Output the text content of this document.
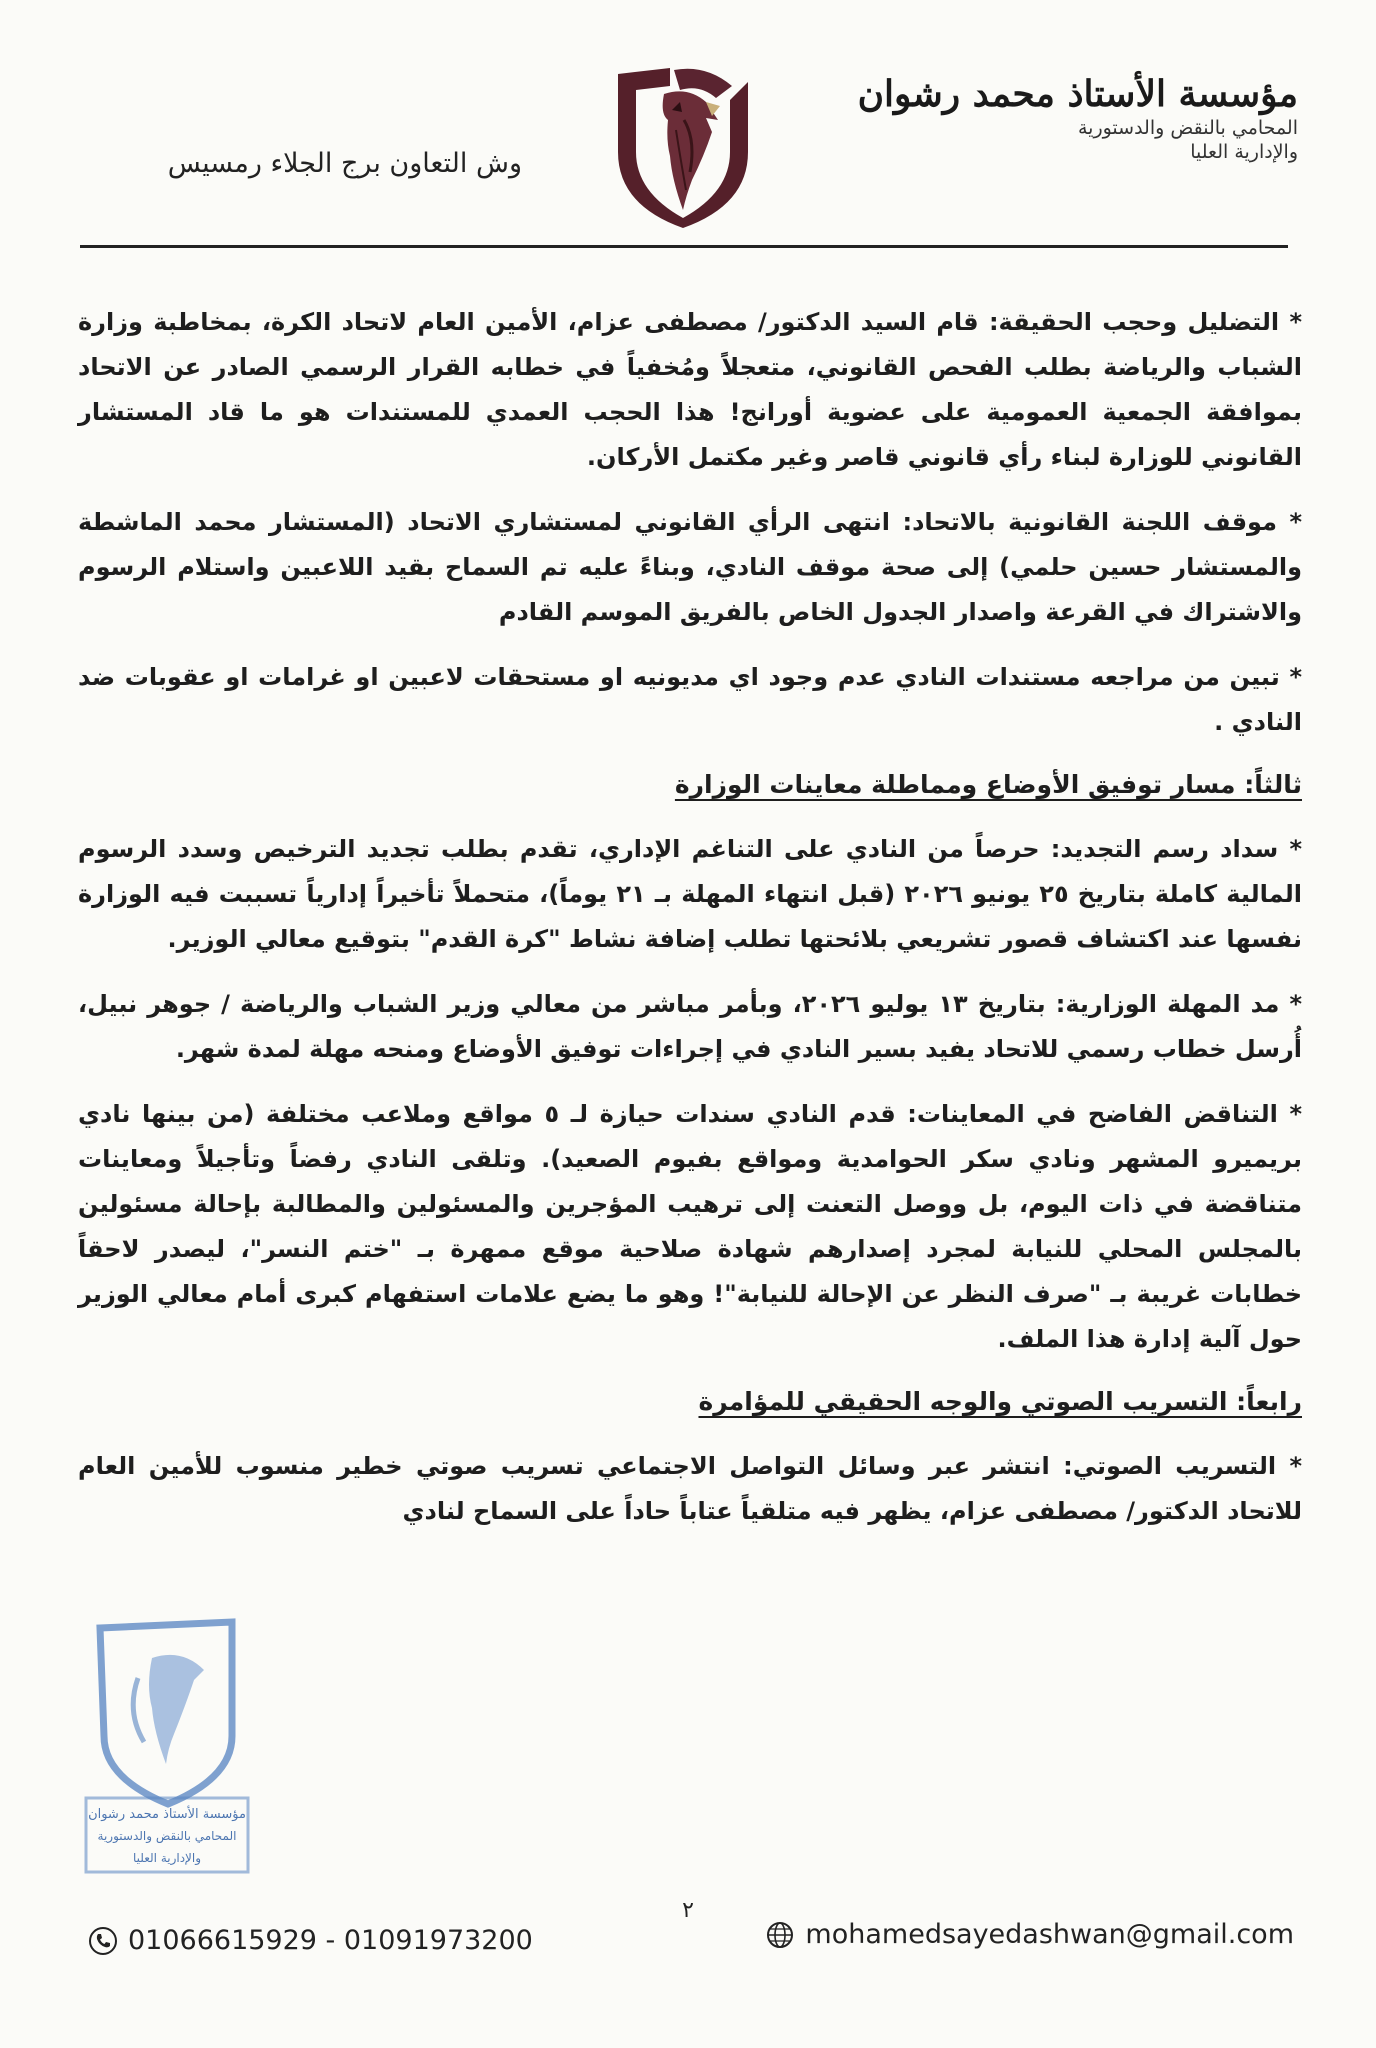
مؤسسة الأستاذ محمد رشوان
المحامي بالنقض والدستورية
والإدارية العليا
وش التعاون برج الجلاء رمسيس

* التضليل وحجب الحقيقة: قام السيد الدكتور/ مصطفى عزام، الأمين العام لاتحاد الكرة، بمخاطبة وزارة الشباب والرياضة بطلب الفحص القانوني، متعجلاً ومُخفياً في خطابه القرار الرسمي الصادر عن الاتحاد بموافقة الجمعية العمومية على عضوية أورانج! هذا الحجب العمدي للمستندات هو ما قاد المستشار القانوني للوزارة لبناء رأي قانوني قاصر وغير مكتمل الأركان.

* موقف اللجنة القانونية بالاتحاد: انتهى الرأي القانوني لمستشاري الاتحاد (المستشار محمد الماشطة والمستشار حسين حلمي) إلى صحة موقف النادي، وبناءً عليه تم السماح بقيد اللاعبين واستلام الرسوم والاشتراك في القرعة واصدار الجدول الخاص بالفريق الموسم القادم

* تبين من مراجعه مستندات النادي عدم وجود اي مديونيه او مستحقات لاعبين او غرامات او عقوبات ضد النادي .

ثالثاً: مسار توفيق الأوضاع ومماطلة معاينات الوزارة

* سداد رسم التجديد: حرصاً من النادي على التناغم الإداري، تقدم بطلب تجديد الترخيص وسدد الرسوم المالية كاملة بتاريخ ٢٥ يونيو ٢٠٢٦ (قبل انتهاء المهلة بـ ٢١ يوماً)، متحملاً تأخيراً إدارياً تسببت فيه الوزارة نفسها عند اكتشاف قصور تشريعي بلائحتها تطلب إضافة نشاط "كرة القدم" بتوقيع معالي الوزير.

* مد المهلة الوزارية: بتاريخ ١٣ يوليو ٢٠٢٦، وبأمر مباشر من معالي وزير الشباب والرياضة / جوهر نبيل، أُرسل خطاب رسمي للاتحاد يفيد بسير النادي في إجراءات توفيق الأوضاع ومنحه مهلة لمدة شهر.

* التناقض الفاضح في المعاينات: قدم النادي سندات حيازة لـ ٥ مواقع وملاعب مختلفة (من بينها نادي بريميرو المشهر ونادي سكر الحوامدية ومواقع بفيوم الصعيد). وتلقى النادي رفضاً وتأجيلاً ومعاينات متناقضة في ذات اليوم، بل ووصل التعنت إلى ترهيب المؤجرين والمسئولين والمطالبة بإحالة مسئولين بالمجلس المحلي للنيابة لمجرد إصدارهم شهادة صلاحية موقع ممهرة بـ "ختم النسر"، ليصدر لاحقاً خطابات غريبة بـ "صرف النظر عن الإحالة للنيابة"! وهو ما يضع علامات استفهام كبرى أمام معالي الوزير حول آلية إدارة هذا الملف.

رابعاً: التسريب الصوتي والوجه الحقيقي للمؤامرة

* التسريب الصوتي: انتشر عبر وسائل التواصل الاجتماعي تسريب صوتي خطير منسوب للأمين العام للاتحاد الدكتور/ مصطفى عزام، يظهر فيه متلقياً عتاباً حاداً على السماح لنادي

مؤسسة الأستاذ محمد رشوان
المحامي بالنقض والدستورية
والإدارية العليا
٢
01066615929 - 01091973200	mohamedsayedashwan@gmail.com
